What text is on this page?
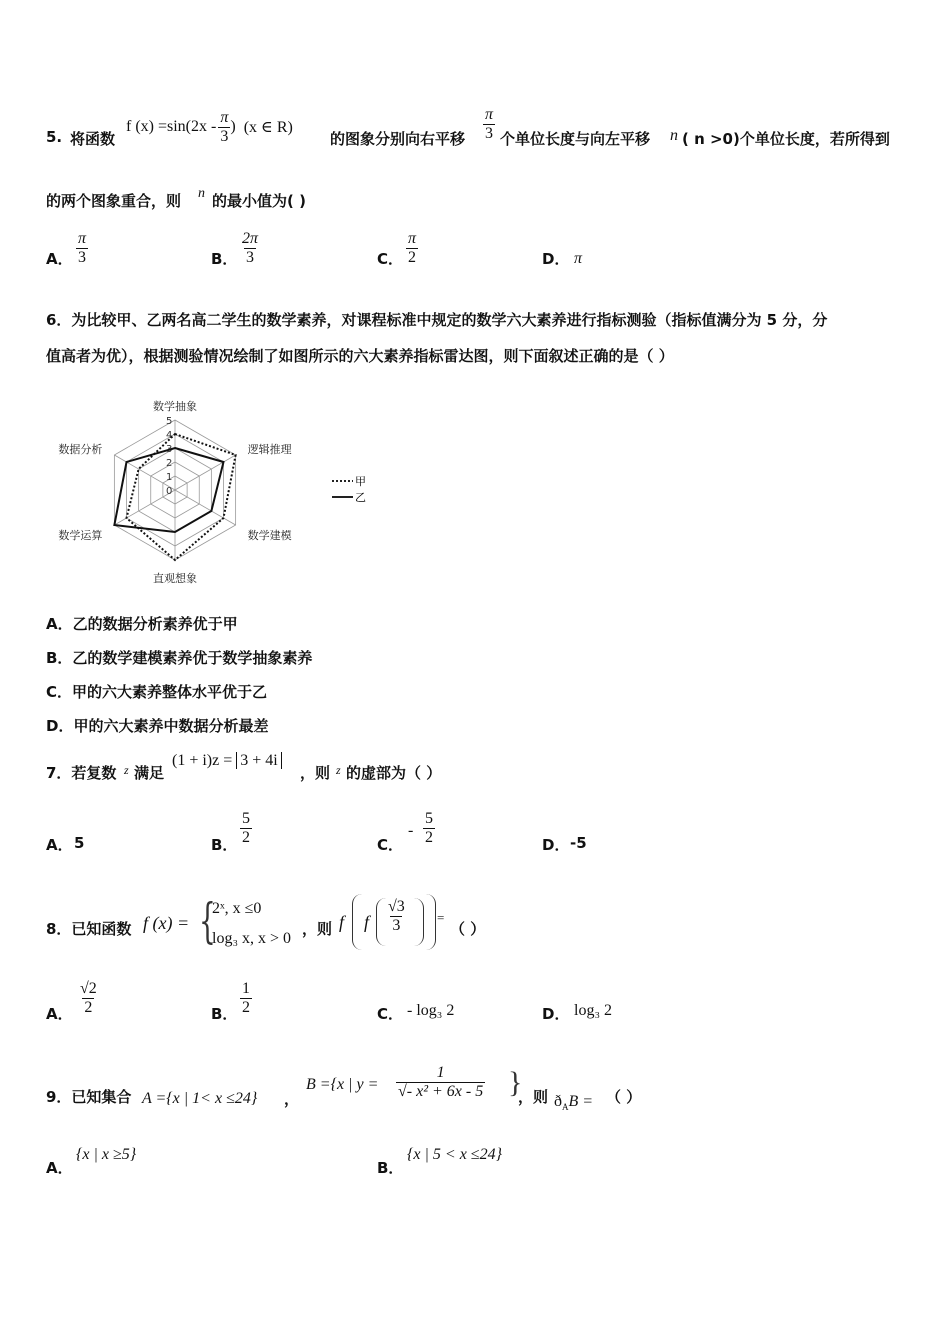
5. 将函数
f $(x) =\sin(2x - \frac{\pi}{3}$ ) (x ∈ R)
的图象分别向右平移 $\frac{\pi}{3}$ 个单位长度与向左平移 n ( n >0)个单位长度，若所得到
的两个图象重合，则 n 的最小值为( )
A． $\frac{\pi}{3}$	B． $\frac{2\pi}{3}$	C． $\frac{\pi}{2}$	D． π
6．为比较甲、乙两名高二学生的数学素养，对课程标准中规定的数学六大素养进行指标测验（指标值满分为 5 分，分
值高者为优），根据测验情况绘制了如图所示的六大素养指标雷达图，则下面叙述正确的是（ ）
0
1
2
3
4
5
数学抽象
逻辑推理
数学建模
直观想象
数学运算
数据分析
甲
乙
A．乙的数据分析素养优于甲
B．乙的数学建模素养优于数学抽象素养
C．甲的六大素养整体水平优于乙
D．甲的六大素养中数据分析最差
7．若复数 z 满足
(1 + i)z = 3 + 4i
，则 z 的虚部为（ ）
A． 5	B． $\frac{5}{2}$	C．
- $\frac{5}{2}$	D． -5
8．已知函数 f (x) = {
2ˣ, x ≤0
log₃ x, x > 0
，则 f f $\frac{√3}{3}$ =
（ ）
A． $\frac{√2}{2}$	B． $\frac{1}{2}$	C． - log₃ 2	D． log₃ 2
9．已知集合 A ={x | 1< x ≤24} ，
B ={x | $y = \frac{1}{\text{√- x² + 6x - 5}}$ }
，则 $ð_AB$ = （ ）
A．
{x | x ≥5}
B．
{x | 5 < x ≤24}
